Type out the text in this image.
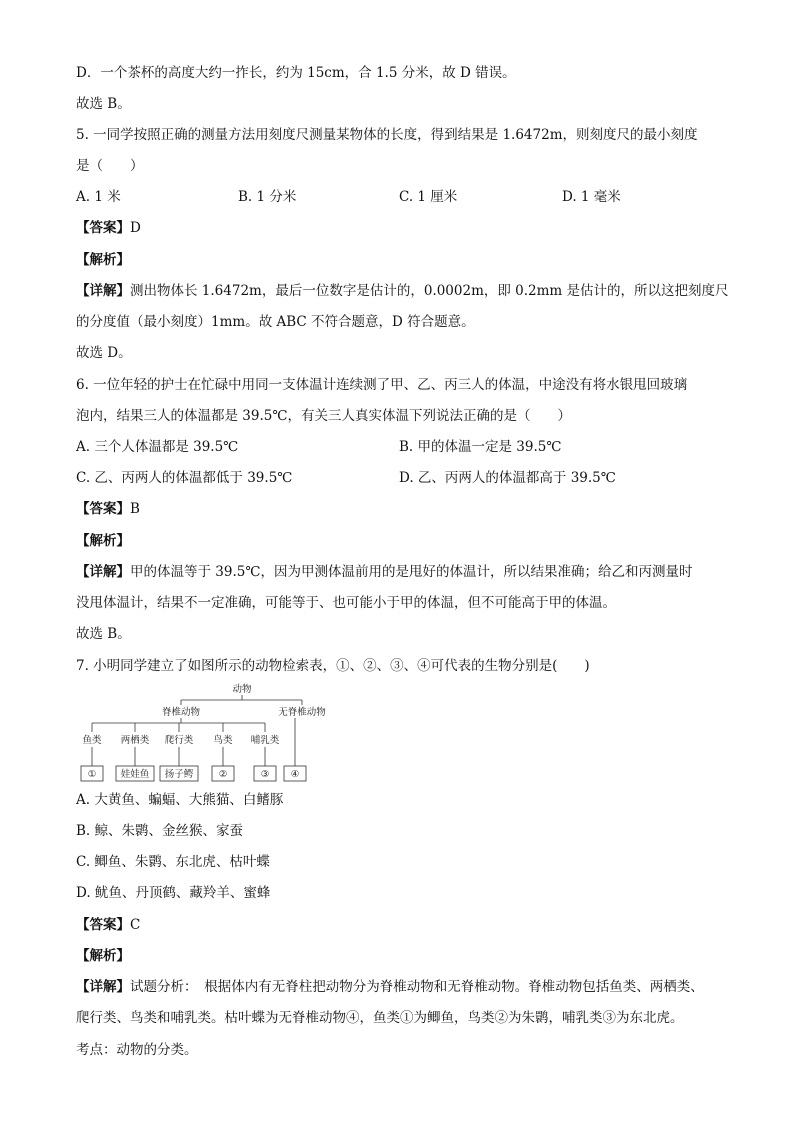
D．一个茶杯的高度大约一拃长，约为 15cm，合 1.5 分米，故 D 错误。
故选 B。
5. 一同学按照正确的测量方法用刻度尺测量某物体的长度，得到结果是 1.6472m，则刻度尺的最小刻度
是（　　）
A. 1 米	B. 1 分米	C. 1 厘米	D. 1 毫米
【答案】D
【解析】
【详解】测出物体长 1.6472m，最后一位数字是估计的，0.0002m，即 0.2mm 是估计的，所以这把刻度尺
的分度值（最小刻度）1mm。故 ABC 不符合题意，D 符合题意。
故选 D。
6. 一位年轻的护士在忙碌中用同一支体温计连续测了甲、乙、丙三人的体温，中途没有将水银甩回玻璃
泡内，结果三人的体温都是 39.5℃，有关三人真实体温下列说法正确的是（　　）
A. 三个人体温都是 39.5℃	B. 甲的体温一定是 39.5℃
C. 乙、丙两人的体温都低于 39.5℃	D. 乙、丙两人的体温都高于 39.5℃
【答案】B
【解析】
【详解】甲的体温等于 39.5℃，因为甲测体温前用的是甩好的体温计，所以结果准确；给乙和丙测量时
没甩体温计，结果不一定准确，可能等于、也可能小于甲的体温，但不可能高于甲的体温。
故选 B。
7. 小明同学建立了如图所示的动物检索表，①、②、③、④可代表的生物分别是(　　)
动物
脊椎动物	无脊椎动物
鱼类 两栖类 爬行类 鸟类 哺乳类
①	娃娃鱼 扬子鳄	②	③ ④
A. 大黄鱼、蝙蝠、大熊猫、白鳍豚
B. 鲸、朱鹮、金丝猴、家蚕
C. 鲫鱼、朱鹮、东北虎、枯叶蝶
D. 鱿鱼、丹顶鹤、藏羚羊、蜜蜂
【答案】C
【解析】
【详解】试题分析：　根据体内有无脊柱把动物分为脊椎动物和无脊椎动物。脊椎动物包括鱼类、两栖类、
爬行类、鸟类和哺乳类。枯叶蝶为无脊椎动物④，鱼类①为鲫鱼，鸟类②为朱鹮，哺乳类③为东北虎。
考点：动物的分类。
